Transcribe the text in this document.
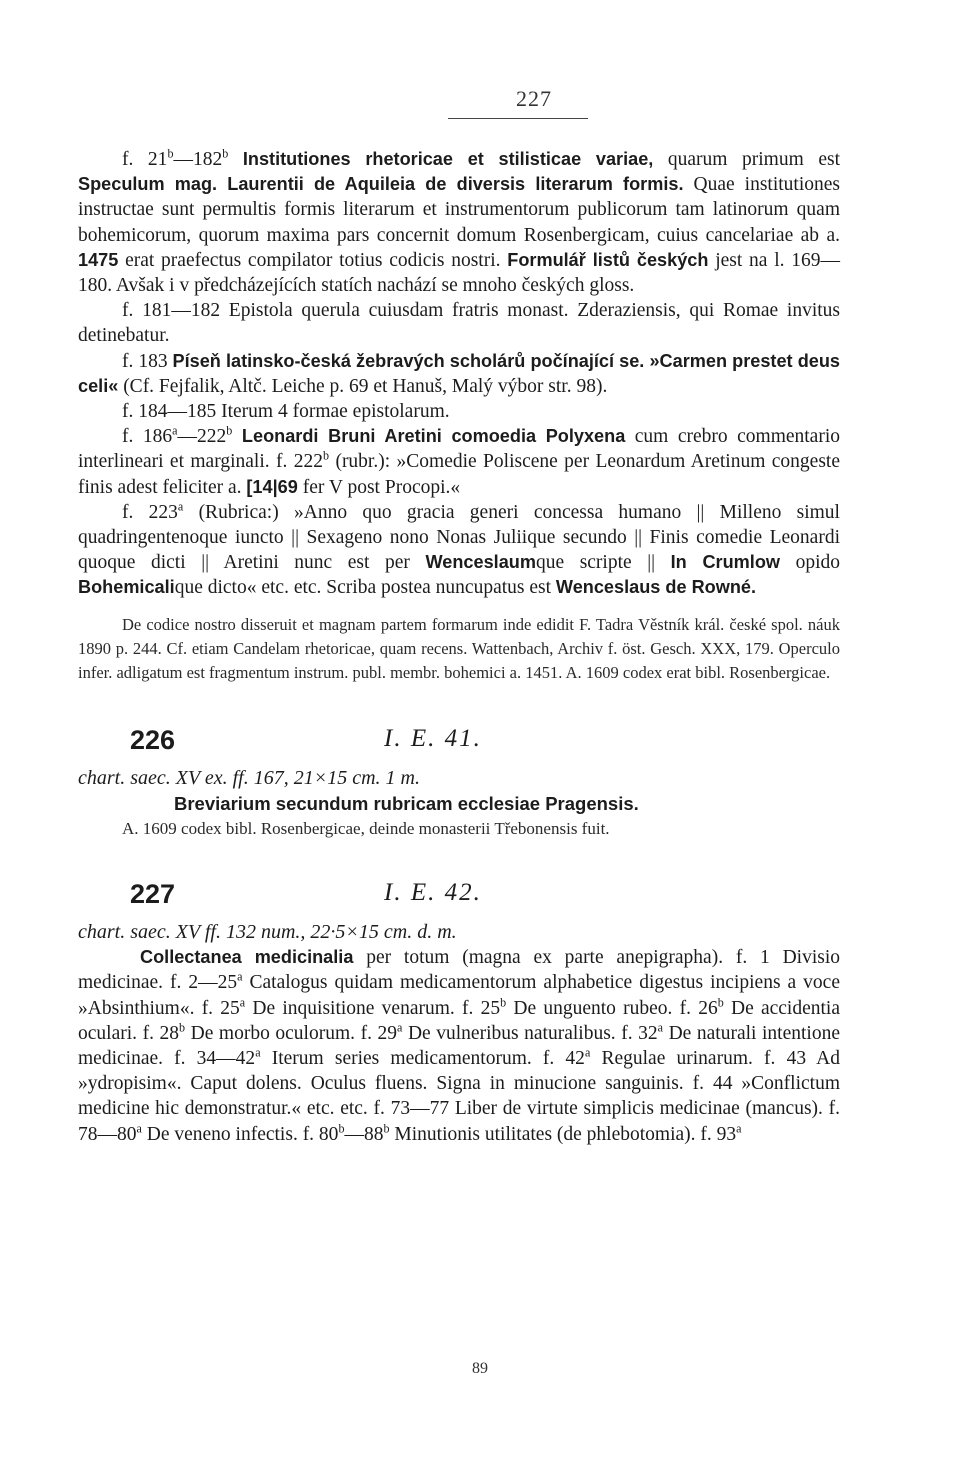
227

f. 21$^b$—182$^b$ Institutiones rhetoricae et stilisticae variae, quarum primum est Speculum mag. Laurentii de Aquileia de diversis literarum formis. Quae institutiones instructae sunt permultis formis literarum et instrumentorum publicorum tam latinorum quam bohemicorum, quorum maxima pars concernit domum Rosenbergicam, cuius cancelariae ab a. 1475 erat praefectus compilator totius codicis nostri. Formulář listů českých jest na l. 169—180. Avšak i v předcházejících statích nachází se mnoho českých gloss.

f. 181—182 Epistola querula cuiusdam fratris monast. Zderaziensis, qui Romae invitus detinebatur.

f. 183 Píseň latinsko-česká žebravých scholárů počínající se. »Carmen prestet deus celi« (Cf. Fejfalik, Altč. Leiche p. 69 et Hanuš, Malý výbor str. 98).

f. 184—185 Iterum 4 formae epistolarum.

f. 186$^a$—222$^b$ Leonardi Bruni Aretini comoedia Polyxena cum crebro commentario interlineari et marginali. f. 222$^b$ (rubr.): »Comedie Poliscene per Leonardum Aretinum congeste finis adest feliciter a. [14|69 fer V post Procopi.«

f. 223$^a$ (Rubrica:) »Anno quo gracia generi concessa humano || Milleno simul quadringentenoque iuncto || Sexageno nono Nonas Juliique secundo || Finis comedie Leonardi quoque dicti || Aretini nunc est per Wenceslaumque scripte || In Crumlow opido Bohemicalique dicto« etc. etc. Scriba postea nuncupatus est Wenceslaus de Rowné.

De codice nostro disseruit et magnam partem formarum inde edidit F. Tadra Věstník král. české spol. náuk 1890 p. 244. Cf. etiam Candelam rhetoricae, quam recens. Wattenbach, Archiv f. öst. Gesch. XXX, 179. Operculo infer. adligatum est fragmentum instrum. publ. membr. bohemici a. 1451. A. 1609 codex erat bibl. Rosenbergicae.

226	I. E. 41.

chart. saec. XV ex. ff. 167, 21×15 cm. 1 m.

Breviarium secundum rubricam ecclesiae Pragensis.

A. 1609 codex bibl. Rosenbergicae, deinde monasterii Třebonensis fuit.

227	I. E. 42.

chart. saec. XV ff. 132 num., 22·5×15 cm. d. m.

Collectanea medicinalia per totum (magna ex parte anepigrapha). f. 1 Divisio medicinae. f. 2—25$^a$ Catalogus quidam medicamentorum alphabetice digestus incipiens a voce »Absinthium«. f. 25$^a$ De inquisitione venarum. f. 25$^b$ De unguento rubeo. f. 26$^b$ De accidentia oculari. f. 28$^b$ De morbo oculorum. f. 29$^a$ De vulneribus naturalibus. f. 32$^a$ De naturali intentione medicinae. f. 34—42$^a$ Iterum series medicamentorum. f. 42$^a$ Regulae urinarum. f. 43 Ad »ydropisim«. Caput dolens. Oculus fluens. Signa in minucione sanguinis. f. 44 »Conflictum medicine hic demonstratur.« etc. etc. f. 73—77 Liber de virtute simplicis medicinae (mancus). f. 78—80$^a$ De veneno infectis. f. 80$^b$—88$^b$ Minutionis utilitates (de phlebotomia). f. 93$^a$

89
